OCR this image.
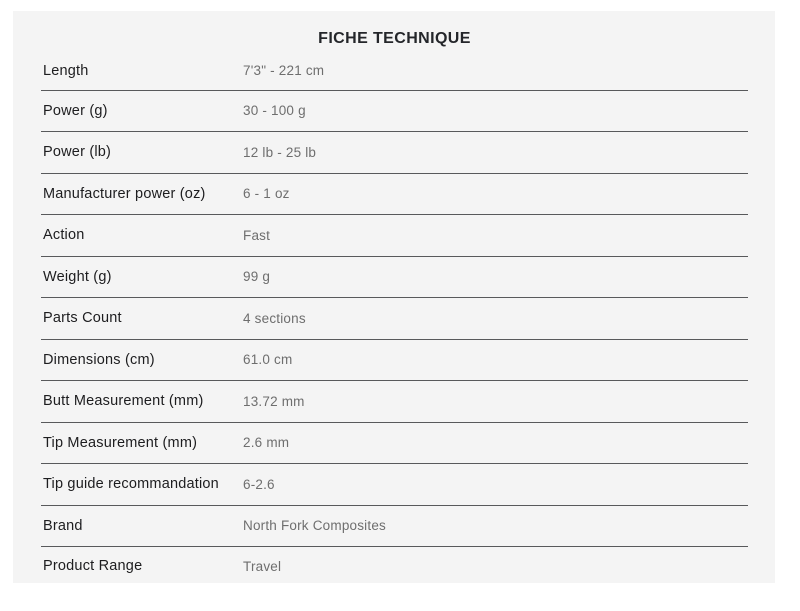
FICHE TECHNIQUE
Length	7'3" - 221 cm
Power (g)	30 - 100 g
Power (lb)	12 lb - 25 lb
Manufacturer power (oz)	6 - 1 oz
Action	Fast
Weight (g)	99 g
Parts Count	4 sections
Dimensions (cm)	61.0 cm
Butt Measurement (mm)	13.72 mm
Tip Measurement (mm)	2.6 mm
Tip guide recommandation	6-2.6
Brand	North Fork Composites
Product Range	Travel
